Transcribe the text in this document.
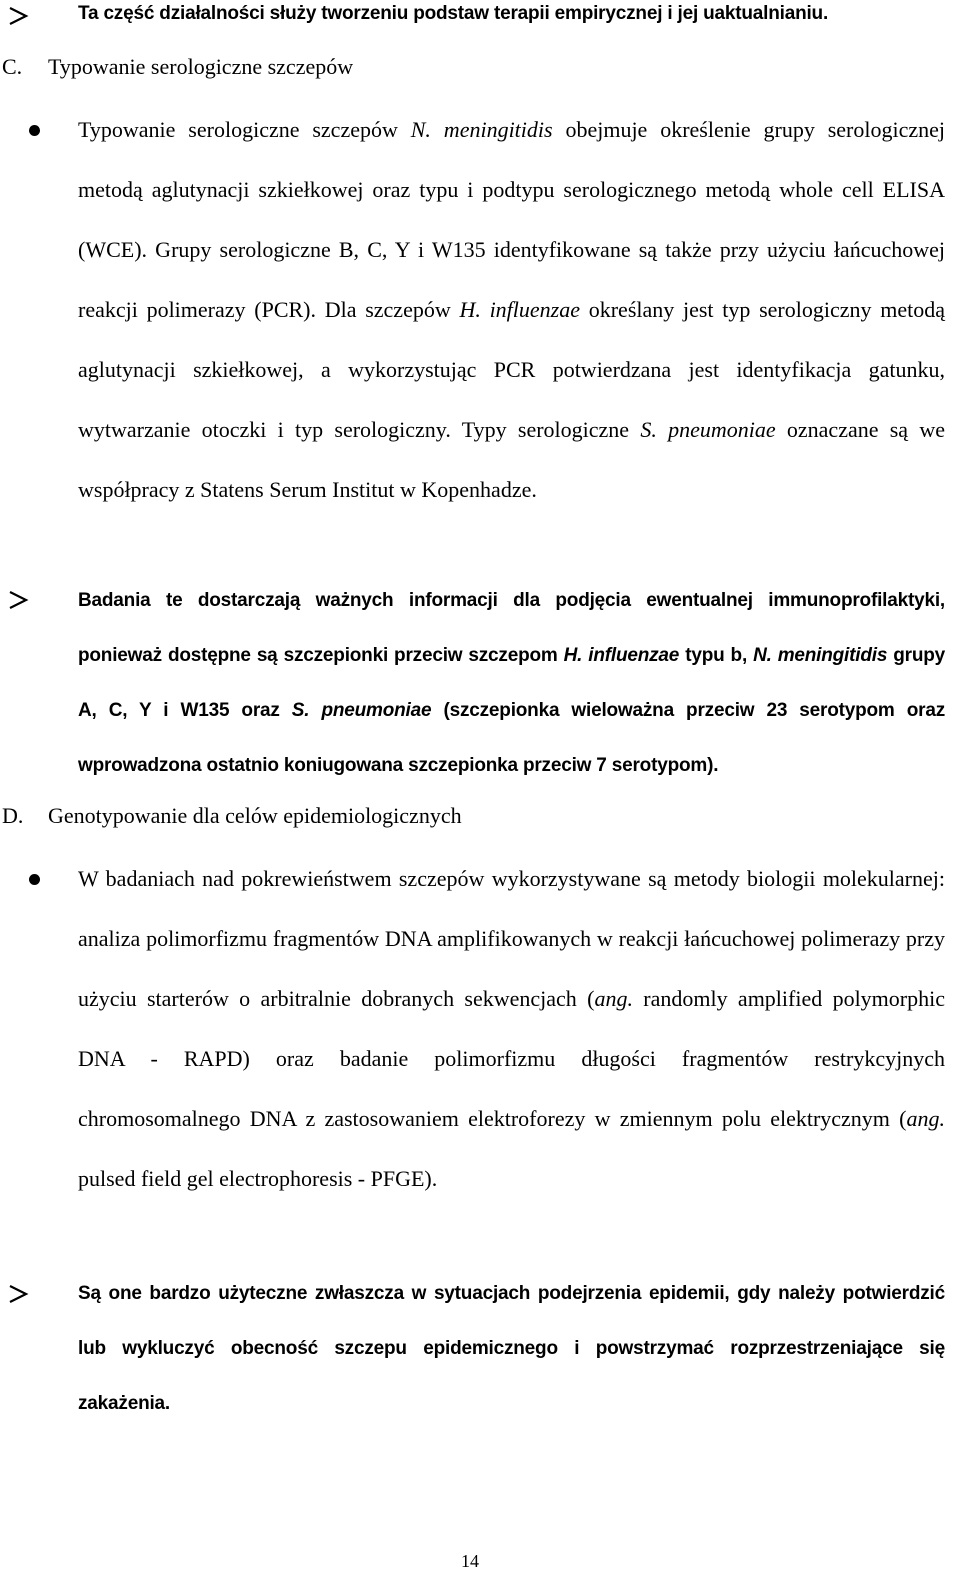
Ta część działalności służy tworzeniu podstaw terapii empirycznej i jej uaktualnianiu.
C. Typowanie serologiczne szczepów
Typowanie serologiczne szczepów N. meningitidis obejmuje określenie grupy serologicznej metodą aglutynacji szkiełkowej oraz typu i podtypu serologicznego metodą whole cell ELISA (WCE). Grupy serologiczne B, C, Y i W135 identyfikowane są także przy użyciu łańcuchowej reakcji polimerazy (PCR). Dla szczepów H. influenzae określany jest typ serologiczny metodą aglutynacji szkiełkowej, a wykorzystując PCR potwierdzana jest identyfikacja gatunku, wytwarzanie otoczki i typ serologiczny. Typy serologiczne S. pneumoniae oznaczane są we współpracy z Statens Serum Institut w Kopenhadze.
Badania te dostarczają ważnych informacji dla podjęcia ewentualnej immunoprofilaktyki, ponieważ dostępne są szczepionki przeciw szczepom H. influenzae typu b, N. meningitidis grupy A, C, Y i W135 oraz S. pneumoniae (szczepionka wieloważna przeciw 23 serotypom oraz wprowadzona ostatnio koniugowana szczepionka przeciw 7 serotypom).
D. Genotypowanie dla celów epidemiologicznych
W badaniach nad pokrewieństwem szczepów wykorzystywane są metody biologii molekularnej: analiza polimorfizmu fragmentów DNA amplifikowanych w reakcji łańcuchowej polimerazy przy użyciu starterów o arbitralnie dobranych sekwencjach (ang. randomly amplified polymorphic DNA - RAPD) oraz badanie polimorfizmu długości fragmentów restrykcyjnych chromosomalnego DNA z zastosowaniem elektroforezy w zmiennym polu elektrycznym (ang. pulsed field gel electrophoresis - PFGE).
Są one bardzo użyteczne zwłaszcza w sytuacjach podejrzenia epidemii, gdy należy potwierdzić lub wykluczyć obecność szczepu epidemicznego i powstrzymać rozprzestrzeniające się zakażenia.
14
